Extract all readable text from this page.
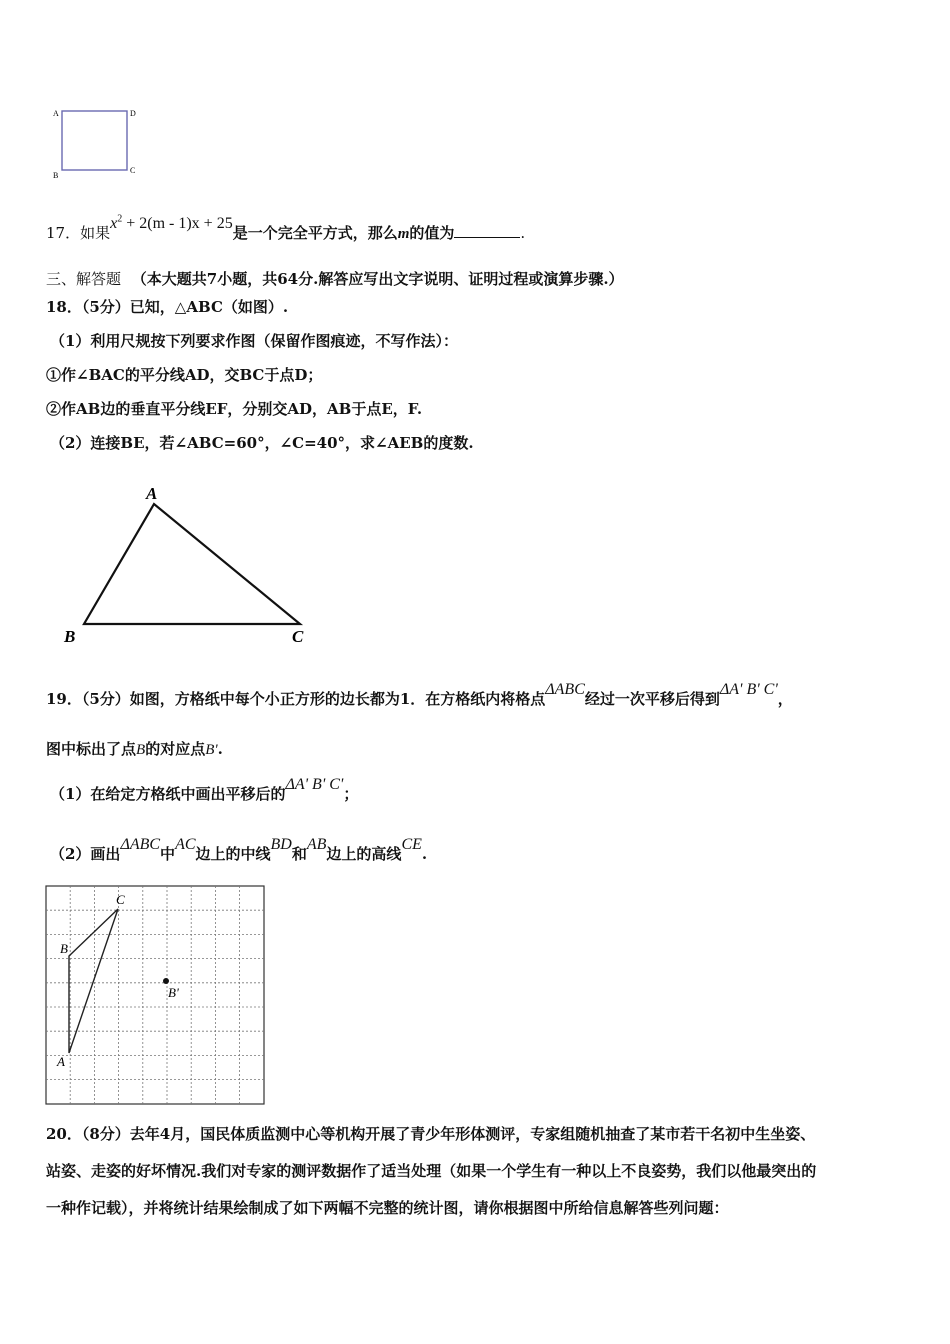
A
B
C
D
17．如果$x^2 + 2(m - 1)x + 25$是一个完全平方式，那么m的值为	.
三、解答题 （本大题共7小题，共64分.解答应写出文字说明、证明过程或演算步骤.）
18．（5分）已知，△ABC（如图）.
（1）利用尺规按下列要求作图（保留作图痕迹，不写作法）：
①作∠BAC的平分线AD，交BC于点D；
②作AB边的垂直平分线EF，分别交AD，AB于点E，F.
（2）连接BE，若∠ABC=60°，∠C=40°，求∠AEB的度数.
A
B	C
19．（5分）如图，方格纸中每个小正方形的边长都为1．在方格纸内将格点ΔABC经过一次平移后得到ΔA' B' C'，
图中标出了点B的对应点B'.
（1）在给定方格纸中画出平移后的ΔA' B' C'；
（2）画出ΔABC中AC边上的中线BD和AB边上的高线CE.
A
B
C
B'
20．（8分）去年4月，国民体质监测中心等机构开展了青少年形体测评，专家组随机抽查了某市若干名初中生坐姿、
站姿、走姿的好坏情况.我们对专家的测评数据作了适当处理（如果一个学生有一种以上不良姿势，我们以他最突出的
一种作记载），并将统计结果绘制成了如下两幅不完整的统计图，请你根据图中所给信息解答些列问题：
